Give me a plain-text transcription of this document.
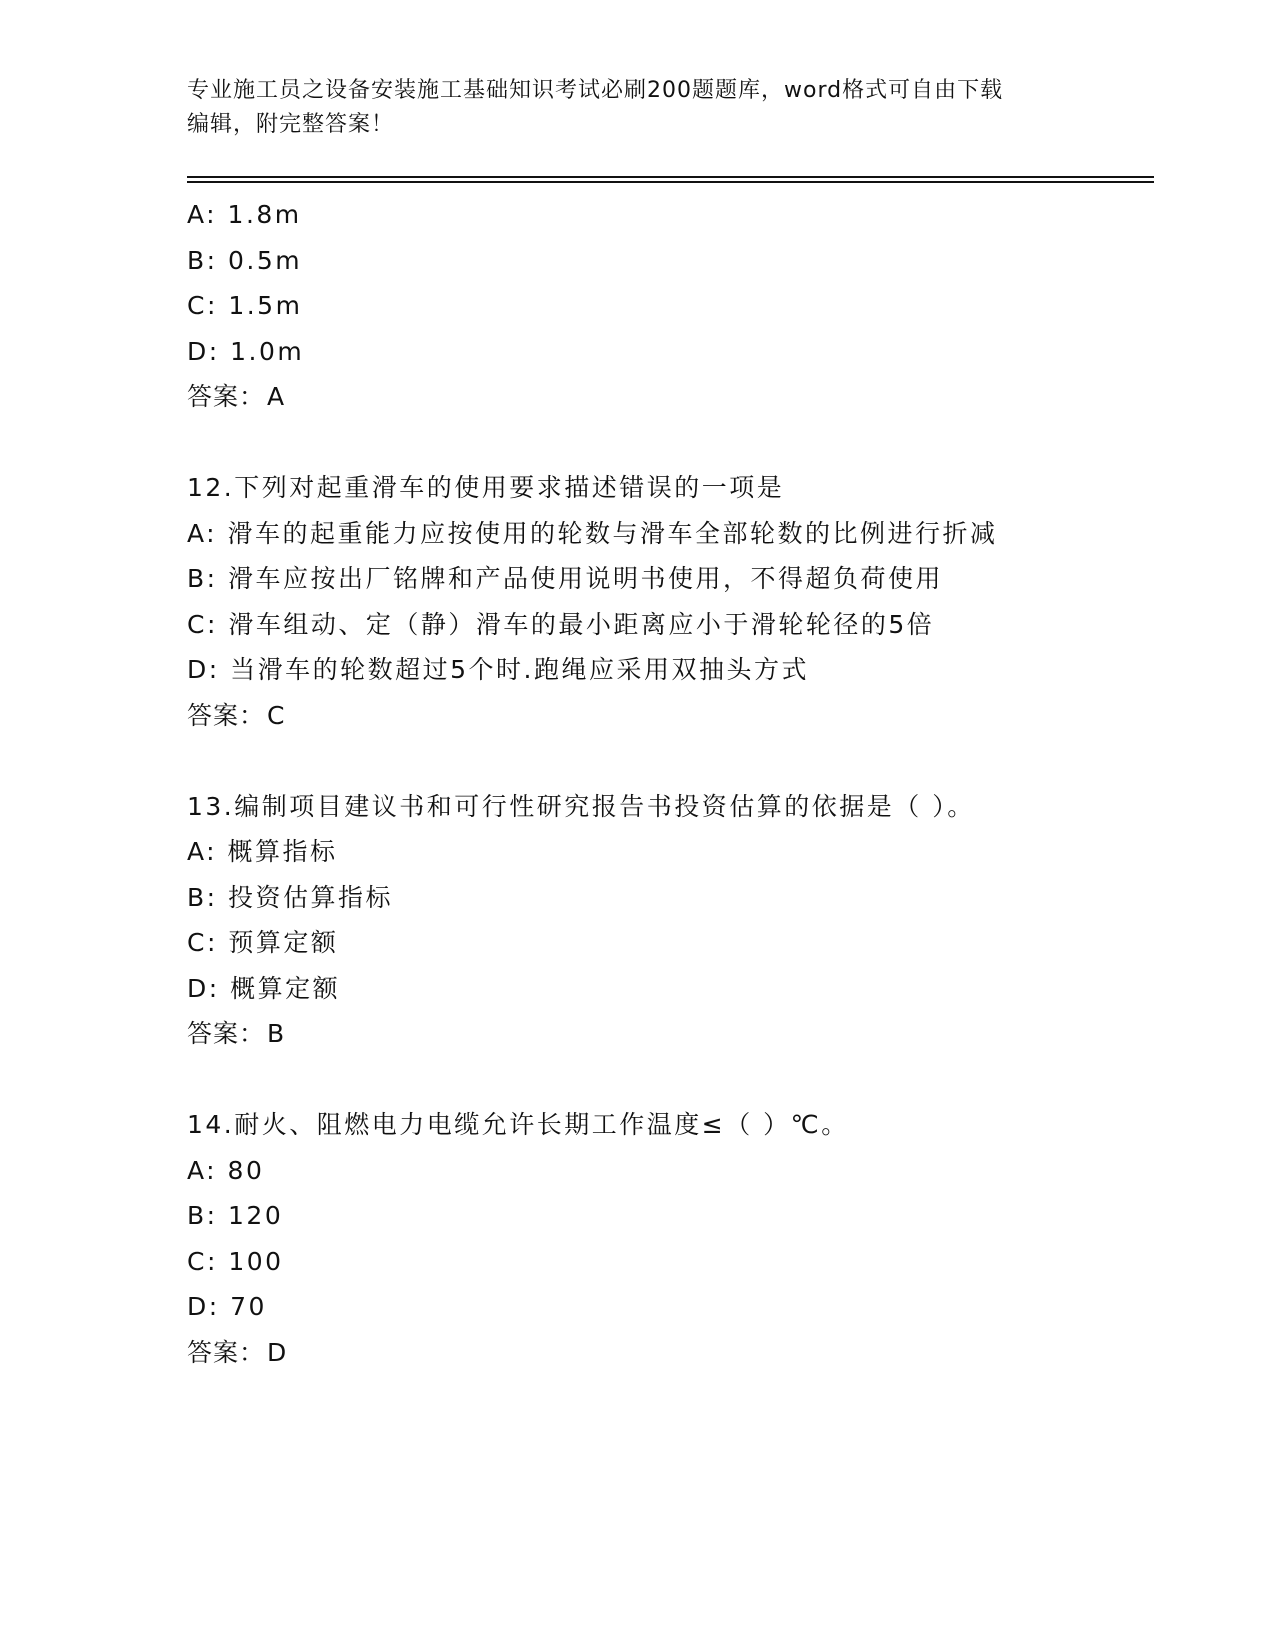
专业施工员之设备安装施工基础知识考试必刷200题题库，word格式可自由下载
编辑，附完整答案！
A: 1.8m
B: 0.5m
C: 1.5m
D: 1.0m
答案：A
12.下列对起重滑车的使用要求描述错误的一项是
A: 滑车的起重能力应按使用的轮数与滑车全部轮数的比例进行折减
B: 滑车应按出厂铭牌和产品使用说明书使用，不得超负荷使用
C: 滑车组动、定（静）滑车的最小距离应小于滑轮轮径的5倍
D: 当滑车的轮数超过5个时.跑绳应采用双抽头方式
答案：C
13.编制项目建议书和可行性研究报告书投资估算的依据是（ ）。
A: 概算指标
B: 投资估算指标
C: 预算定额
D: 概算定额
答案：B
14.耐火、阻燃电力电缆允许长期工作温度≤（ ）℃。
A: 80
B: 120
C: 100
D: 70
答案：D
